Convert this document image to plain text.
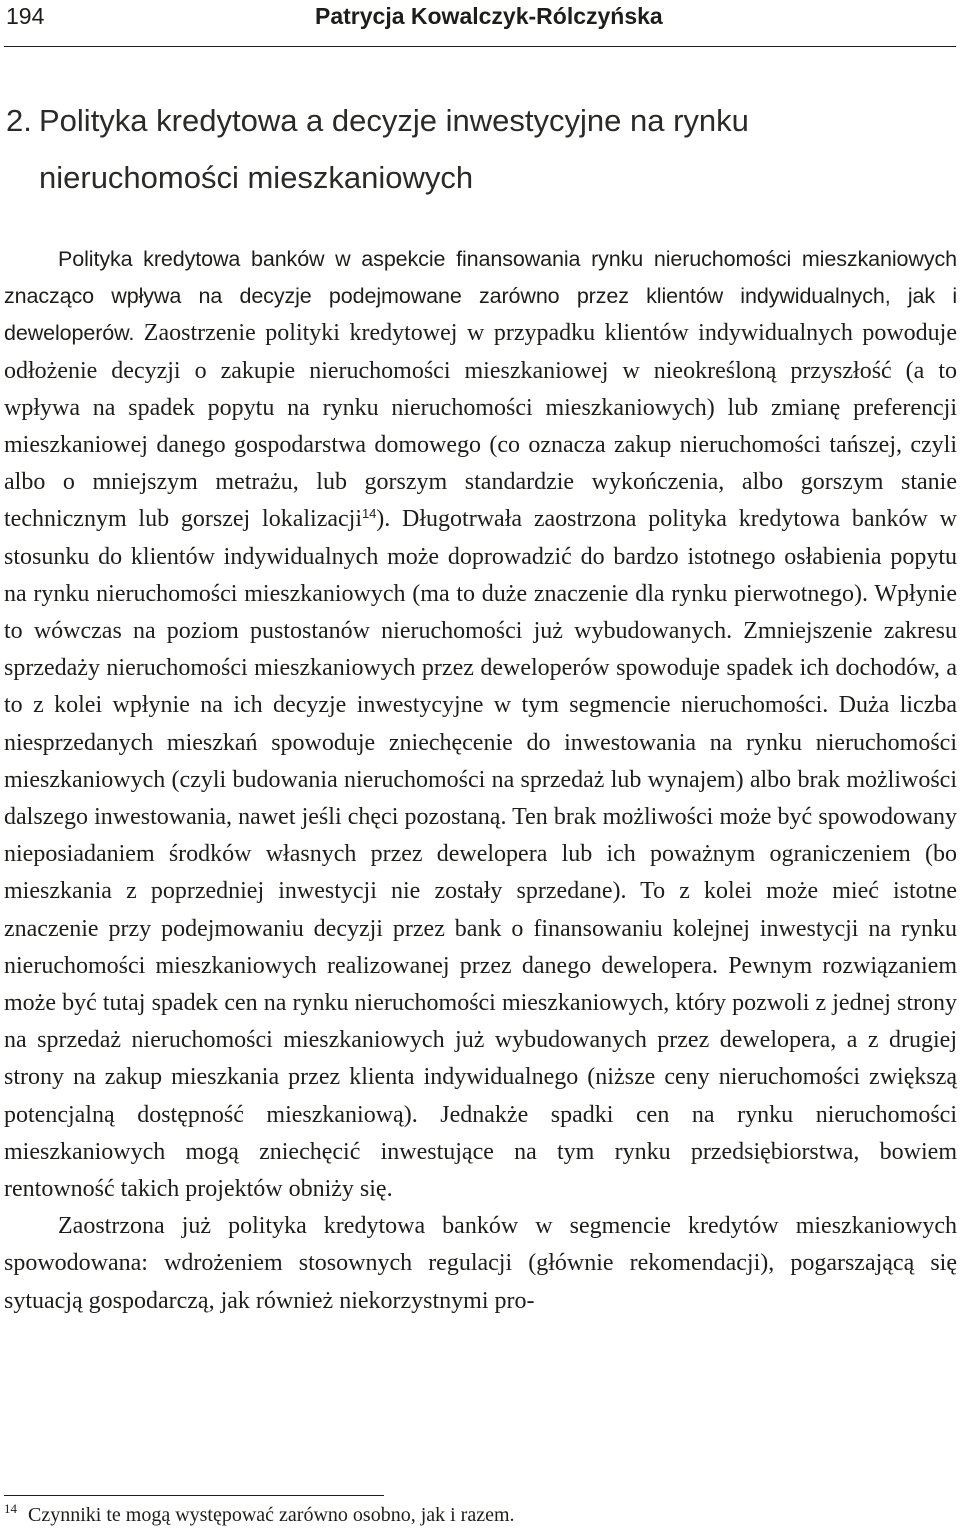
194	Patrycja Kowalczyk-Rólczyńska
2. Polityka kredytowa a decyzje inwestycyjne na rynku
nieruchomości mieszkaniowych

Polityka kredytowa banków w aspekcie finansowania rynku nieruchomości mieszkaniowych znacząco wpływa na decyzje podejmowane zarówno przez klientów indywidualnych, jak i deweloperów. Zaostrzenie polityki kredytowej w przypadku klientów indywidualnych powoduje odłożenie decyzji o zakupie nieruchomości mieszkaniowej w nieokreśloną przyszłość (a to wpływa na spadek popytu na rynku nieruchomości mieszkaniowych) lub zmianę preferencji mieszkaniowej danego gospodarstwa domowego (co oznacza zakup nieruchomości tańszej, czyli albo o mniejszym metrażu, lub gorszym standardzie wykończenia, albo gorszym stanie technicznym lub gorszej lokalizacji$^{14}$). Długotrwała zaostrzona polityka kredytowa banków w stosunku do klientów indywidualnych może doprowadzić do bardzo istotnego osłabienia popytu na rynku nieruchomości mieszkaniowych (ma to duże znaczenie dla rynku pierwotnego). Wpłynie to wówczas na poziom pustostanów nieruchomości już wybudowanych. Zmniejszenie zakresu sprzedaży nieruchomości mieszkaniowych przez deweloperów spowoduje spadek ich dochodów, a to z kolei wpłynie na ich decyzje inwestycyjne w tym segmencie nieruchomości. Duża liczba niesprzedanych mieszkań spowoduje zniechęcenie do inwestowania na rynku nieruchomości mieszkaniowych (czyli budowania nieruchomości na sprzedaż lub wynajem) albo brak możliwości dalszego inwestowania, nawet jeśli chęci pozostaną. Ten brak możliwości może być spowodowany nieposiadaniem środków własnych przez dewelopera lub ich poważnym ograniczeniem (bo mieszkania z poprzedniej inwestycji nie zostały sprzedane). To z kolei może mieć istotne znaczenie przy podejmowaniu decyzji przez bank o finansowaniu kolejnej inwestycji na rynku nieruchomości mieszkaniowych realizowanej przez danego dewelopera. Pewnym rozwiązaniem może być tutaj spadek cen na rynku nieruchomości mieszkaniowych, który pozwoli z jednej strony na sprzedaż nieruchomości mieszkaniowych już wybudowanych przez dewelopera, a z drugiej strony na zakup mieszkania przez klienta indywidualnego (niższe ceny nieruchomości zwiększą potencjalną dostępność mieszkaniową). Jednakże spadki cen na rynku nieruchomości mieszkaniowych mogą zniechęcić inwestujące na tym rynku przedsiębiorstwa, bowiem rentowność takich projektów obniży się.

Zaostrzona już polityka kredytowa banków w segmencie kredytów mieszkaniowych spowodowana: wdrożeniem stosownych regulacji (głównie rekomendacji), pogarszającą się sytuacją gospodarczą, jak również niekorzystnymi pro-

14 Czynniki te mogą występować zarówno osobno, jak i razem.
